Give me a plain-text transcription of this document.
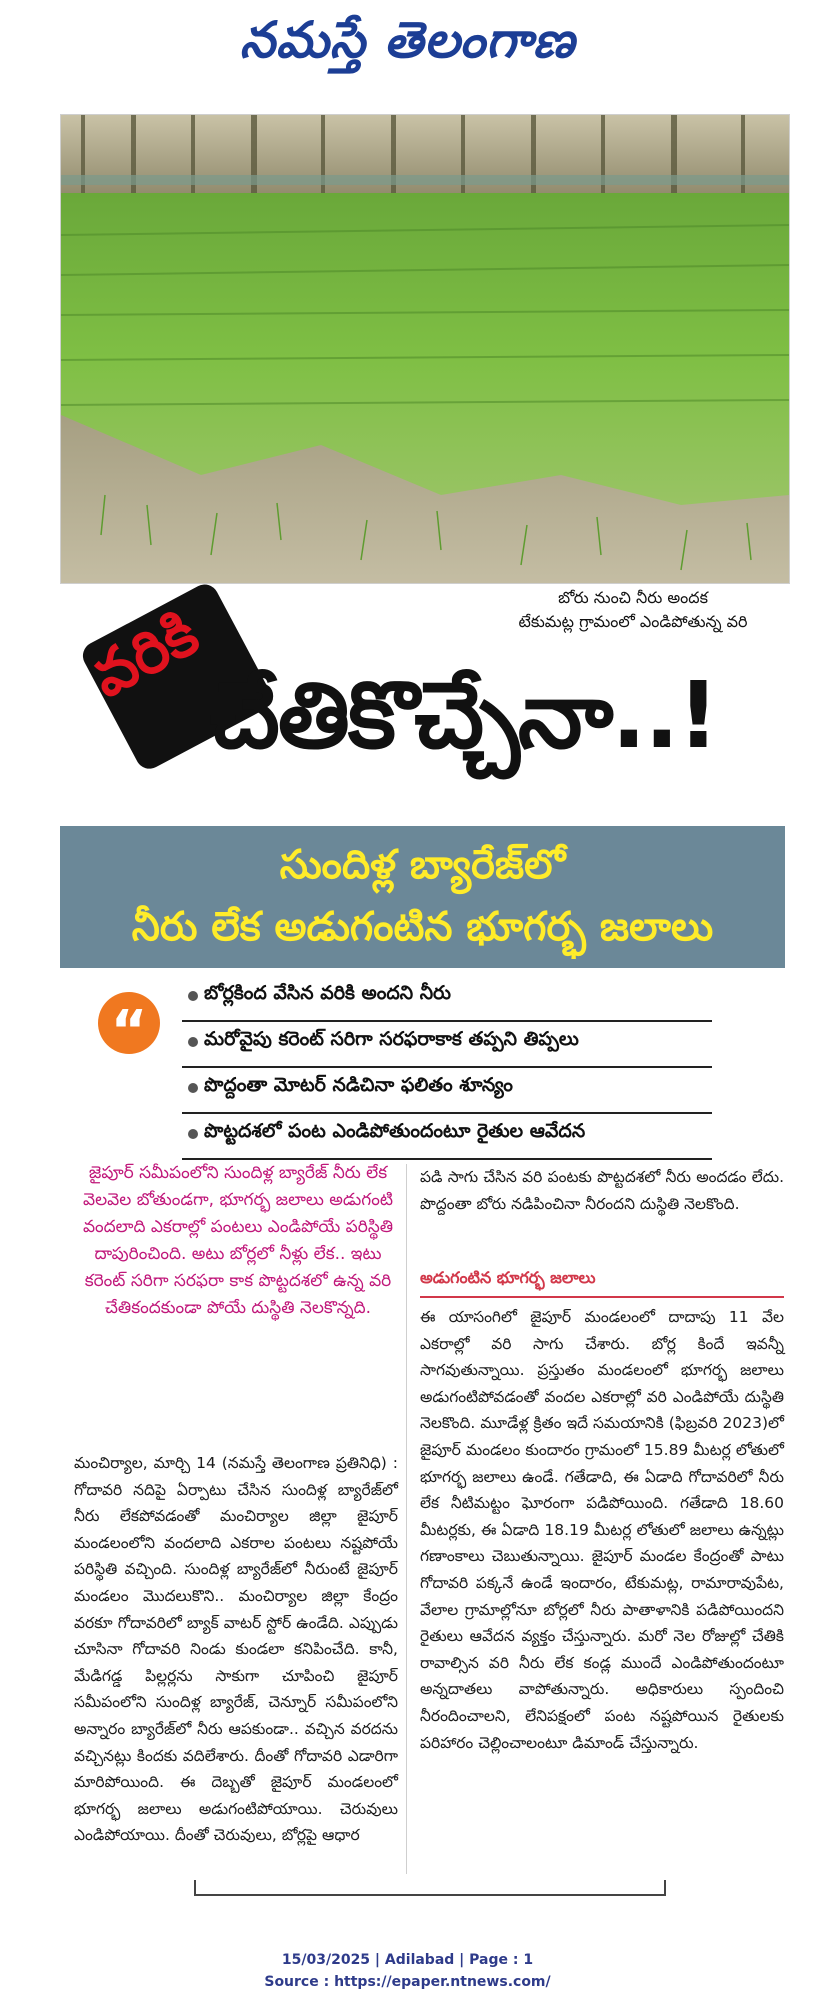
నమస్తే తెలంగాణ
బోరు నుంచి నీరు అందక
టేకుమట్ల గ్రామంలో ఎండిపోతున్న వరి
వరికి
చేతికొచ్చేనా..!
సుందిళ్ల బ్యారేజ్‌లో
నీరు లేక అడుగంటిన భూగర్భ జలాలు
“
బోర్లకింద వేసిన వరికి అందని నీరు
మరోవైపు కరెంట్ సరిగా సరఫరాకాక తప్పని తిప్పలు
పొద్దంతా మోటర్ నడిచినా ఫలితం శూన్యం
పొట్టదశలో పంట ఎండిపోతుందంటూ రైతుల ఆవేదన
జైపూర్ సమీపంలోని సుందిళ్ల బ్యారేజ్ నీరు లేక వెలవెల బోతుండగా, భూగర్భ జలాలు అడుగంటి వందలాది ఎకరాల్లో పంటలు ఎండిపోయే పరిస్థితి దాపురించింది. అటు బోర్లలో నీళ్లు లేక.. ఇటు కరెంట్ సరిగా సరఫరా కాక పొట్టదశలో ఉన్న వరి చేతికందకుండా పోయే దుస్థితి నెలకొన్నది.
మంచిర్యాల, మార్చి 14 (నమస్తే తెలంగాణ ప్రతినిధి) : గోదావరి నదిపై ఏర్పాటు చేసిన సుందిళ్ల బ్యారేజ్‌లో నీరు లేకపోవడంతో మంచిర్యాల జిల్లా జైపూర్ మండలంలోని వందలాది ఎకరాల పంటలు నష్టపోయే పరిస్థితి వచ్చింది. సుందిళ్ల బ్యారేజ్‌లో నీరుంటే జైపూర్ మండలం మొదలుకొని.. మంచిర్యాల జిల్లా కేంద్రం వరకూ గోదావరిలో బ్యాక్ వాటర్ స్టోర్ ఉండేది. ఎప్పుడు చూసినా గోదావరి నిండు కుండలా కనిపించేది. కానీ, మేడిగడ్డ పిల్లర్లను సాకుగా చూపించి జైపూర్ సమీపంలోని సుందిళ్ల బ్యారేజ్, చెన్నూర్ సమీపంలోని అన్నారం బ్యారేజ్‌లో నీరు ఆపకుండా.. వచ్చిన వరదను వచ్చినట్లు కిందకు వదిలేశారు. దీంతో గోదావరి ఎడారిగా మారిపోయింది. ఈ దెబ్బతో జైపూర్ మండలంలో భూగర్భ జలాలు అడుగంటిపోయాయి. చెరువులు ఎండిపోయాయి. దీంతో చెరువులు, బోర్లపై ఆధార
పడి సాగు చేసిన వరి పంటకు పొట్టదశలో నీరు అందడం లేదు. పొద్దంతా బోరు నడిపించినా నీరందని దుస్థితి నెలకొంది.
అడుగంటిన భూగర్భ జలాలు
ఈ యాసంగిలో జైపూర్ మండలంలో దాదాపు 11 వేల ఎకరాల్లో వరి సాగు చేశారు. బోర్ల కిందే ఇవన్నీ సాగవుతున్నాయి. ప్రస్తుతం మండలంలో భూగర్భ జలాలు అడుగంటిపోవడంతో వందల ఎకరాల్లో వరి ఎండిపోయే దుస్థితి నెలకొంది. మూడేళ్ల క్రితం ఇదే సమయానికి (ఫిబ్రవరి 2023)లో జైపూర్ మండలం కుందారం గ్రామంలో 15.89 మీటర్ల లోతులో భూగర్భ జలాలు ఉండే. గతేడాది, ఈ ఏడాది గోదావరిలో నీరు లేక నీటిమట్టం ఘోరంగా పడిపోయింది. గతేడాది 18.60 మీటర్లకు, ఈ ఏడాది 18.19 మీటర్ల లోతులో జలాలు ఉన్నట్లు గణాంకాలు చెబుతున్నాయి. జైపూర్ మండల కేంద్రంతో పాటు గోదావరి పక్కనే ఉండే ఇందారం, టేకుమట్ల, రామారావుపేట, వేలాల గ్రామాల్లోనూ బోర్లలో నీరు పాతాళానికి పడిపోయిందని రైతులు ఆవేదన వ్యక్తం చేస్తున్నారు. మరో నెల రోజుల్లో చేతికి రావాల్సిన వరి నీరు లేక కండ్ల ముందే ఎండిపోతుందంటూ అన్నదాతలు వాపోతున్నారు. అధికారులు స్పందించి నీరందించాలని, లేనిపక్షంలో పంట నష్టపోయిన రైతులకు పరిహారం చెల్లించాలంటూ డిమాండ్ చేస్తున్నారు.
15/03/2025 | Adilabad | Page : 1
Source : https://epaper.ntnews.com/
